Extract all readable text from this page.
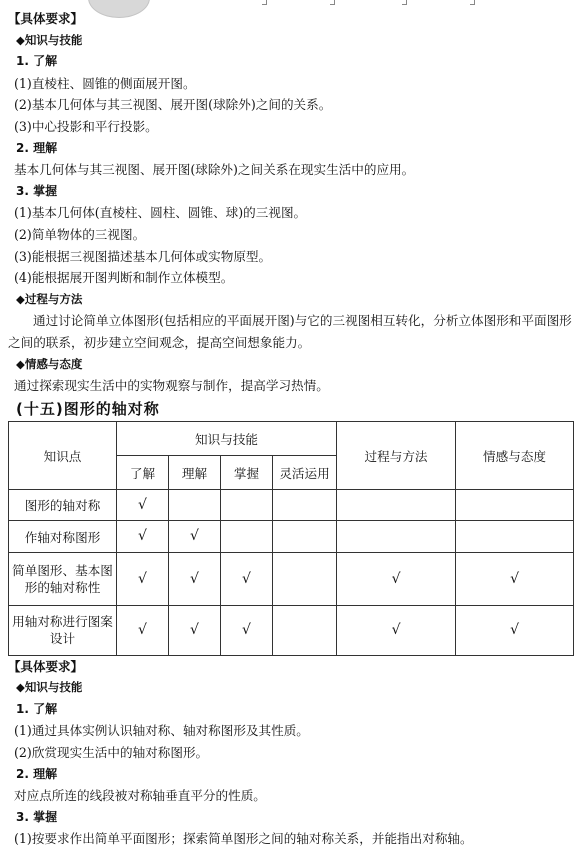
【具体要求】
◆知识与技能
1. 了解
(1)直棱柱、圆锥的侧面展开图。
(2)基本几何体与其三视图、展开图(球除外)之间的关系。
(3)中心投影和平行投影。
2. 理解
基本几何体与其三视图、展开图(球除外)之间关系在现实生活中的应用。
3. 掌握
(1)基本几何体(直棱柱、圆柱、圆锥、球)的三视图。
(2)简单物体的三视图。
(3)能根据三视图描述基本几何体或实物原型。
(4)能根据展开图判断和制作立体模型。
◆过程与方法
通过讨论简单立体图形(包括相应的平面展开图)与它的三视图相互转化，分析立体图形和平面图形之间的联系，初步建立空间观念，提高空间想象能力。
◆情感与态度
通过探索现实生活中的实物观察与制作，提高学习热情。
(十五)图形的轴对称
知识点	知识与技能				过程与方法	情感与态度
	了解	理解	掌握	灵活运用		
图形的轴对称	√					
作轴对称图形	√	√				
简单图形、基本图形的轴对称性	√	√	√		√	√
用轴对称进行图案设计	√	√	√		√	√
【具体要求】
◆知识与技能
1. 了解
(1)通过具体实例认识轴对称、轴对称图形及其性质。
(2)欣赏现实生活中的轴对称图形。
2. 理解
对应点所连的线段被对称轴垂直平分的性质。
3. 掌握
(1)按要求作出简单平面图形；探索简单图形之间的轴对称关系，并能指出对称轴。
